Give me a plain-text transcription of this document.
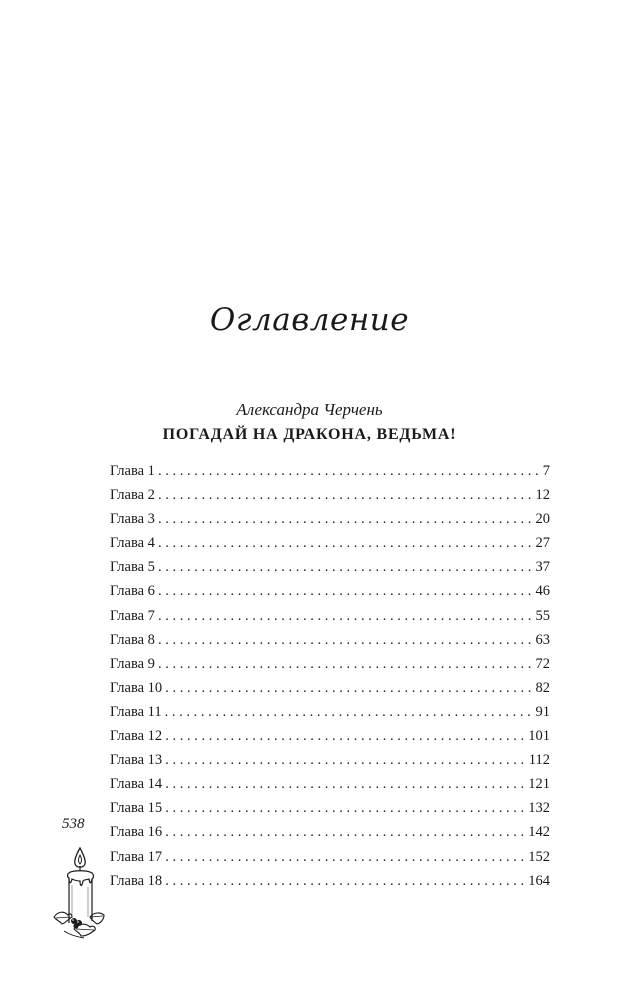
Оглавление
Александра Черчень
ПОГАДАЙ НА ДРАКОНА, ВЕДЬМА!
Глава 1 . . .	7
Глава 2 . . .	12
Глава 3 . . .	20
Глава 4 . . .	27
Глава 5 . . .	37
Глава 6 . . .	46
Глава 7 . . .	55
Глава 8 . . .	63
Глава 9 . . .	72
Глава 10 . . .	82
Глава 11 . . .	91
Глава 12 . . .	101
Глава 13 . . .	112
Глава 14 . . .	121
Глава 15 . . .	132
Глава 16 . . .	142
Глава 17 . . .	152
Глава 18 . . .	164
538
